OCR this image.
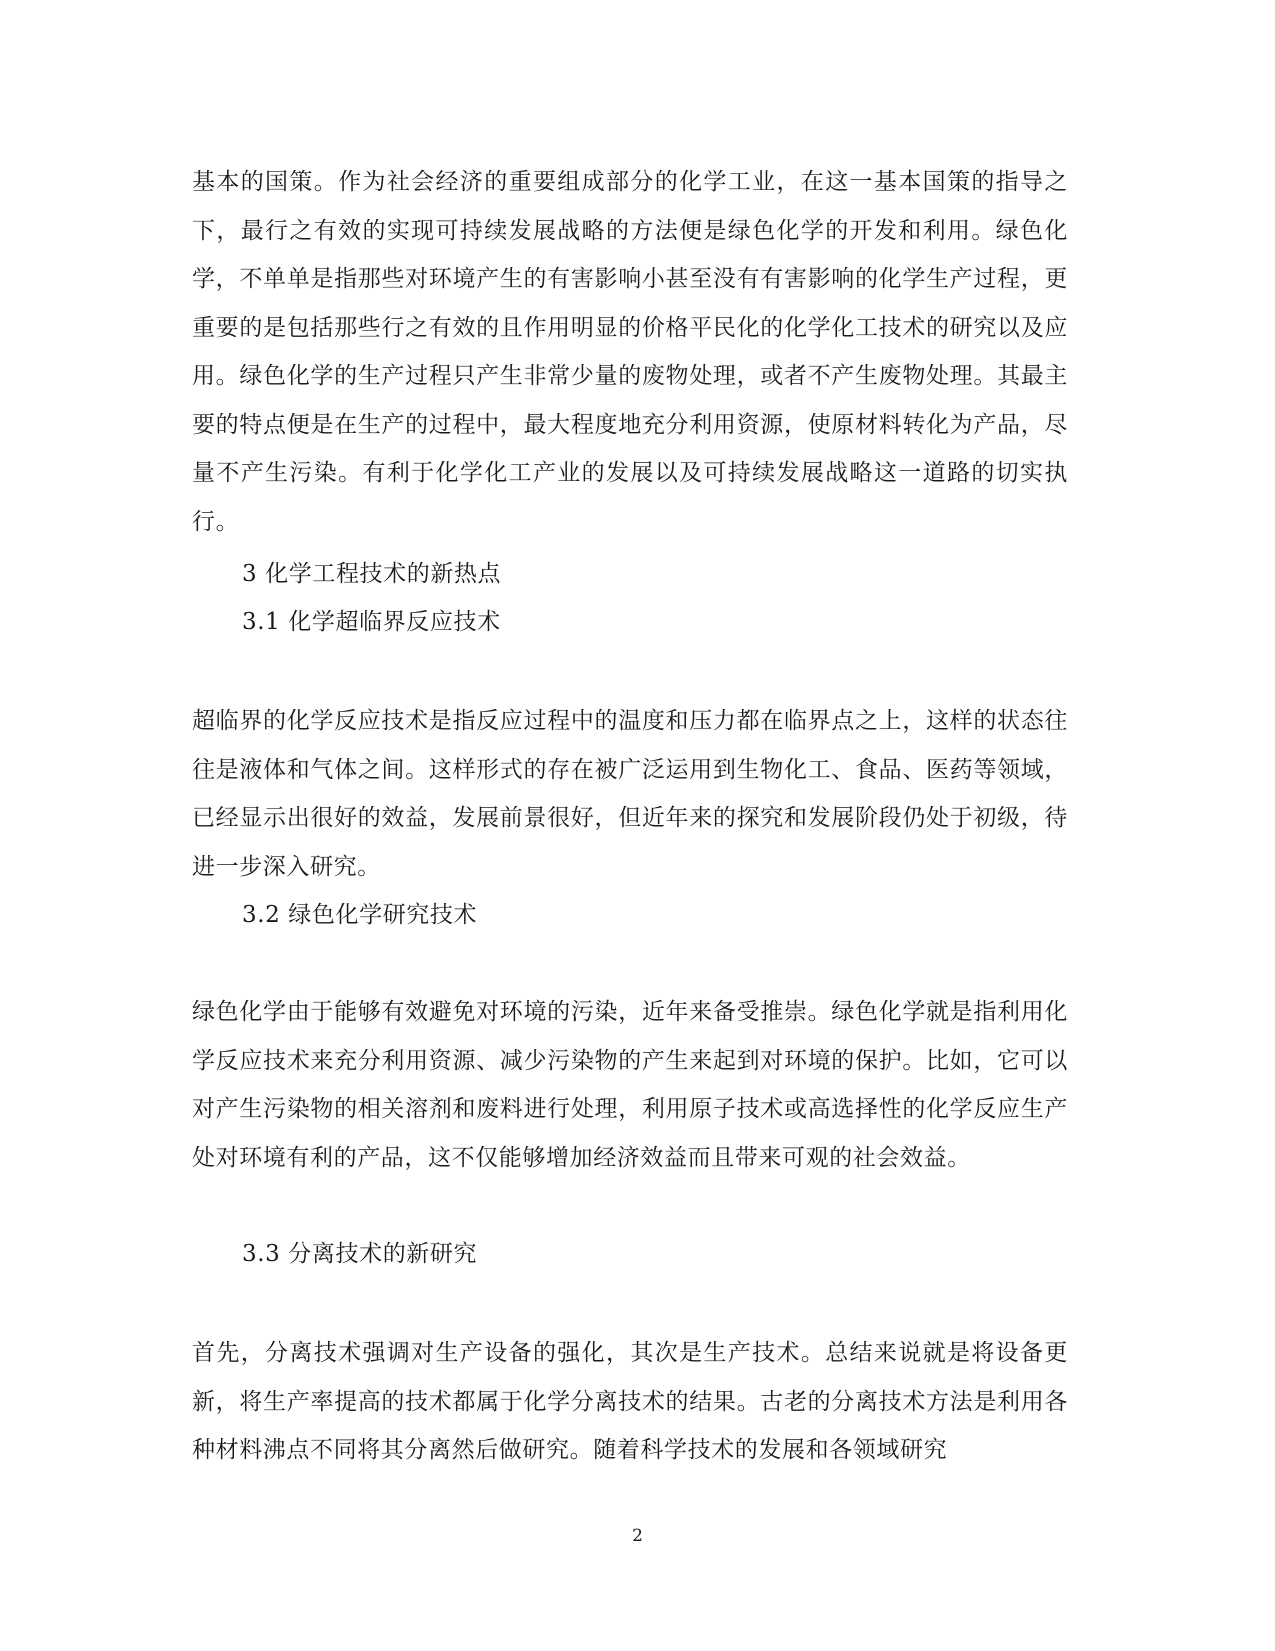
基本的国策。作为社会经济的重要组成部分的化学工业，在这一基本国策的指导之下，最行之有效的实现可持续发展战略的方法便是绿色化学的开发和利用。绿色化学，不单单是指那些对环境产生的有害影响小甚至没有有害影响的化学生产过程，更重要的是包括那些行之有效的且作用明显的价格平民化的化学化工技术的研究以及应用。绿色化学的生产过程只产生非常少量的废物处理，或者不产生废物处理。其最主要的特点便是在生产的过程中，最大程度地充分利用资源，使原材料转化为产品，尽量不产生污染。有利于化学化工产业的发展以及可持续发展战略这一道路的切实执行。

3 化学工程技术的新热点
3.1 化学超临界反应技术

超临界的化学反应技术是指反应过程中的温度和压力都在临界点之上，这样的状态往往是液体和气体之间。这样形式的存在被广泛运用到生物化工、食品、医药等领域，已经显示出很好的效益，发展前景很好，但近年来的探究和发展阶段仍处于初级，待进一步深入研究。

3.2 绿色化学研究技术

绿色化学由于能够有效避免对环境的污染，近年来备受推崇。绿色化学就是指利用化学反应技术来充分利用资源、减少污染物的产生来起到对环境的保护。比如，它可以对产生污染物的相关溶剂和废料进行处理，利用原子技术或高选择性的化学反应生产处对环境有利的产品，这不仅能够增加经济效益而且带来可观的社会效益。

3.3 分离技术的新研究

首先，分离技术强调对生产设备的强化，其次是生产技术。总结来说就是将设备更新，将生产率提高的技术都属于化学分离技术的结果。古老的分离技术方法是利用各种材料沸点不同将其分离然后做研究。随着科学技术的发展和各领域研究

2
